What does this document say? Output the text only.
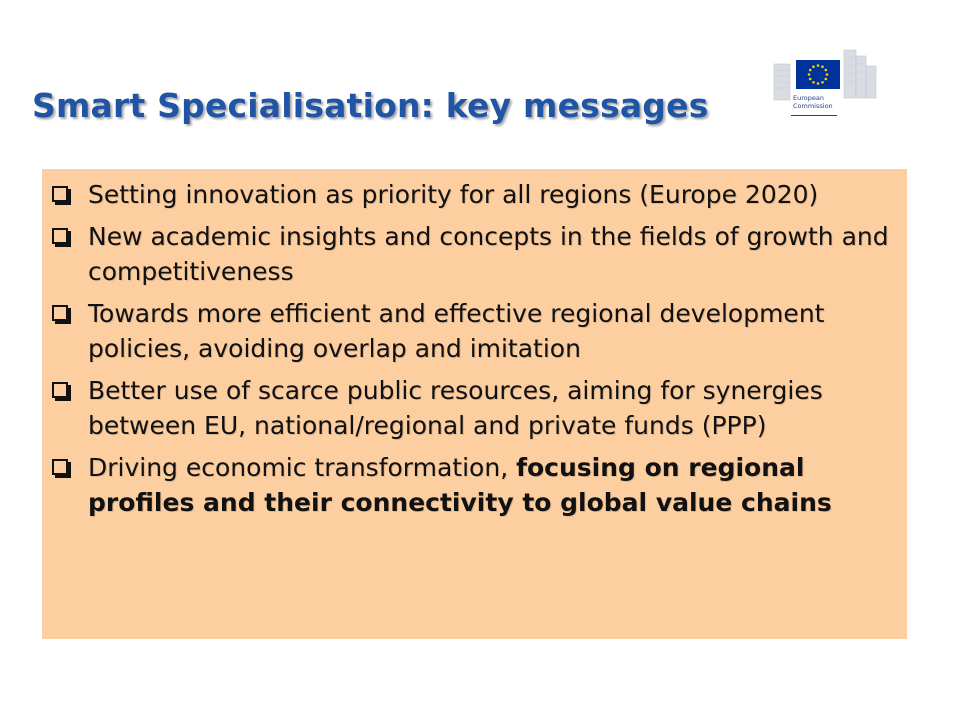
Smart Specialisation: key messages	European
Commission
Setting innovation as priority for all regions (Europe 2020)
New academic insights and concepts in the fields of growth and competitiveness
Towards more efficient and effective regional development policies, avoiding overlap and imitation
Better use of scarce public resources, aiming for synergies between EU, national/regional and private funds (PPP)
Driving economic transformation, focusing on regional profiles and their connectivity to global value chains
